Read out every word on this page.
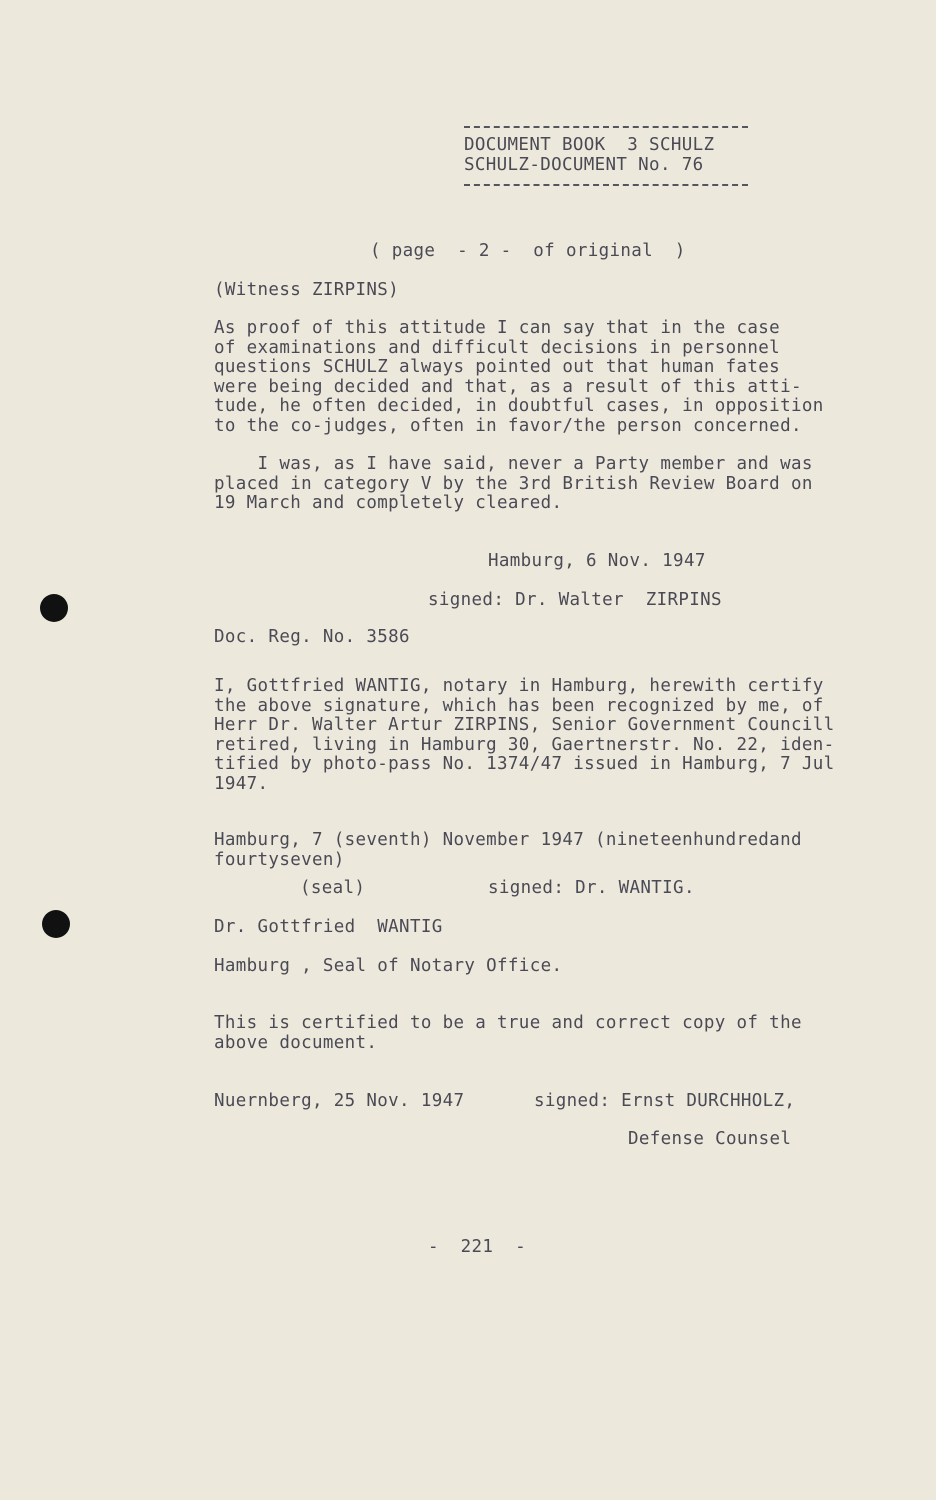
DOCUMENT BOOK  3 SCHULZ
SCHULZ-DOCUMENT No. 76
( page  - 2 -  of original  )
(Witness ZIRPINS)
As proof of this attitude I can say that in the case
of examinations and difficult decisions in personnel
questions SCHULZ always pointed out that human fates
were being decided and that, as a result of this atti-
tude, he often decided, in doubtful cases, in opposition
to the co-judges, often in favor/the person concerned.
I was, as I have said, never a Party member and was
placed in category V by the 3rd British Review Board on
19 March and completely cleared.
Hamburg, 6 Nov. 1947
signed: Dr. Walter  ZIRPINS
Doc. Reg. No. 3586
I, Gottfried WANTIG, notary in Hamburg, herewith certify
the above signature, which has been recognized by me, of
Herr Dr. Walter Artur ZIRPINS, Senior Government Councill
retired, living in Hamburg 30, Gaertnerstr. No. 22, iden-
tified by photo-pass No. 1374/47 issued in Hamburg, 7 Jul
1947.
Hamburg, 7 (seventh) November 1947 (nineteenhundredand
fourtyseven)
(seal)	signed: Dr. WANTIG.
Dr. Gottfried  WANTIG
Hamburg , Seal of Notary Office.
This is certified to be a true and correct copy of the
above document.
Nuernberg, 25 Nov. 1947	signed: Ernst DURCHHOLZ,
Defense Counsel
-  221  -
